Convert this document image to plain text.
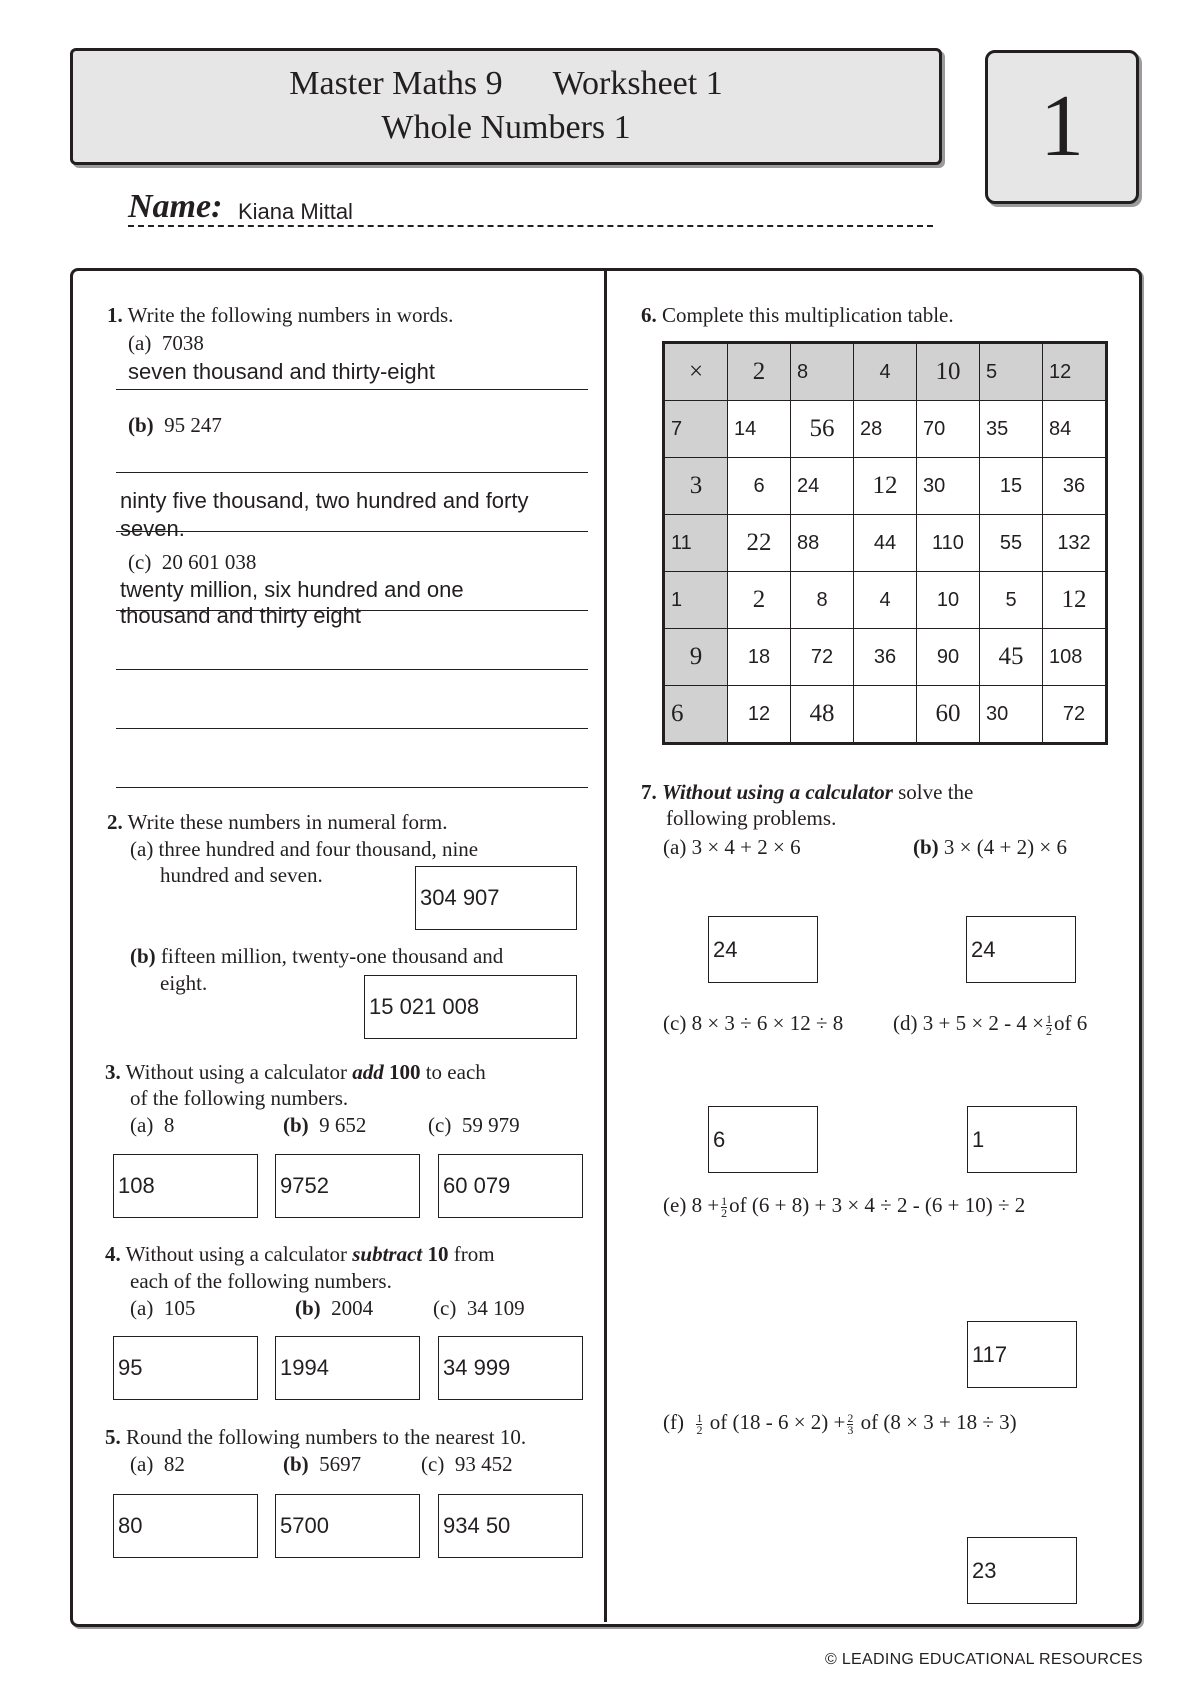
Master Maths 9 Worksheet 1
Whole Numbers 1	1
Name: Kiana Mittal
1. Write the following numbers in words.
(a) 7038
seven thousand and thirty-eight
(b) 95 247
ninty five thousand, two hundred and forty
seven.
(c) 20 601 038
twenty million, six hundred and one
thousand and thirty eight
2. Write these numbers in numeral form.
(a) three hundred and four thousand, nine
hundred and seven.
304 907
(b) fifteen million, twenty-one thousand and
eight.
15 021 008
3. Without using a calculator add 100 to each
of the following numbers.
(a) 8	(b) 9 652	(c) 59 979
108	9752	60 079
4. Without using a calculator subtract 10 from
each of the following numbers.
(a) 105	(b) 2004	(c) 34 109
95	1994	34 999
5. Round the following numbers to the nearest 10.
(a) 82	(b) 5697	(c) 93 452
80	5700	934 50
6. Complete this multiplication table.
×	2	8	4	10	5	12
7	14	56	28	70	35	84
3	6	24	12	30	15	36
11	22	88	44	110	55	132
1	2	8	4	10	5	12
9	18	72	36	90	45	108
6	12	48		60	30	72
7. Without using a calculator solve the
following problems.
(a) 3 × 4 + 2 × 6	(b) 3 × (4 + 2) × 6
24	24
(c) 8 × 3 ÷ 6 × 12 ÷ 8 (d) $3 + 5 \times 2 - 4 \times \frac{1}{2}$ of 6
6	1
(e) $8 + \frac{1}{2}$ of (6 + 8) + 3 × 4 ÷ 2 - (6 + 10) ÷ 2
117
$(f) \frac{1}{2}$ of $(18 - 6 \times 2) + \frac{2}{3}$ of (8 × 3 + 18 ÷ 3)
23
© LEADING EDUCATIONAL RESOURCES
